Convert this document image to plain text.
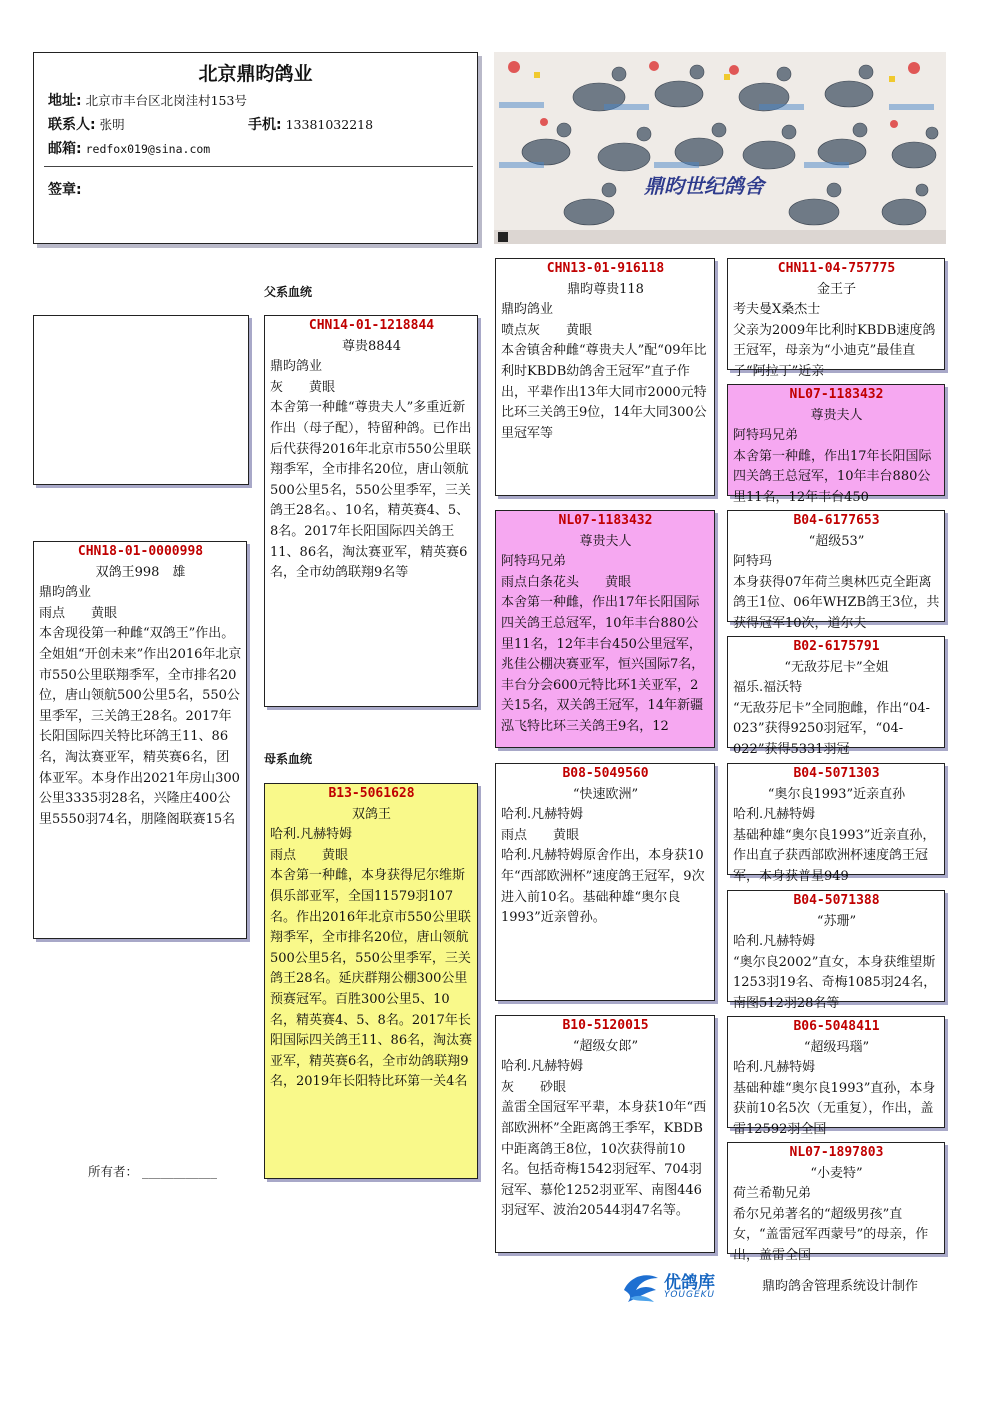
北京鼎昀鸽业
地址: 北京市丰台区北岗洼村153号
联系人: 张明	手机: 13381032218
邮箱: redfox019@sina.com
签章:	鼎昀世纪鸽舍
父系血统
母系血统
CHN18-01-0000998
双鸽王998　雄
鼎昀鸽业
雨点　　黄眼
本舍现役第一种雌“双鸽王”作出。全姐姐“开创未来”作出2016年北京市550公里联翔季军，全市排名20位，唐山领航500公里5名，550公里季军，三关鸽王28名。2017年长阳国际四关特比环鸽王11、86名，淘汰赛亚军，精英赛6名，团体亚军。本身作出2021年房山300公里3335羽28名，兴隆庄400公里5550羽74名，朋隆阁联赛15名
CHN14-01-1218844
尊贵8844
鼎昀鸽业
灰　　黄眼
本舍第一种雌“尊贵夫人”多重近新作出（母子配），特留种鸽。已作出后代获得2016年北京市550公里联翔季军，全市排名20位，唐山领航500公里5名，550公里季军，三关鸽王28名。、10名，精英赛4、5、8名。2017年长阳国际四关鸽王11、86名，淘汰赛亚军，精英赛6名，全市幼鸽联翔9名等
B13-5061628
双鸽王
哈利.凡赫特姆
雨点　　黄眼
本舍第一种雌，本身获得尼尔维斯俱乐部亚军，全国11579羽107名。作出2016年北京市550公里联翔季军，全市排名20位，唐山领航500公里5名，550公里季军，三关鸽王28名。延庆群翔公棚300公里预赛冠军。百胜300公里5、10名，精英赛4、5、8名。2017年长阳国际四关鸽王11、86名，淘汰赛亚军，精英赛6名，全市幼鸽联翔9名，2019年长阳特比环第一关4名
CHN13-01-916118
鼎昀尊贵118
鼎昀鸽业
喷点灰　　黄眼
本舍镇舍种雌“尊贵夫人”配“09年比利时KBDB幼鸽舍王冠军”直子作出，平辈作出13年大同市2000元特比环三关鸽王9位，14年大同300公里冠军等
NL07-1183432
尊贵夫人
阿特玛兄弟
雨点白条花头　　黄眼
本舍第一种雌，作出17年长阳国际四关鸽王总冠军，10年丰台880公里11名，12年丰台450公里冠军，兆佳公棚决赛亚军，恒兴国际7名，丰台分会600元特比环1关亚军，2关15名，双关鸽王冠军，14年新疆泓飞特比环三关鸽王9名，12
B08-5049560
“快速欧洲”
哈利.凡赫特姆
雨点　　黄眼
哈利.凡赫特姆原舍作出，本身获10年“西部欧洲杯”速度鸽王冠军，9次进入前10名。基础种雄“奥尔良1993”近亲曾孙。
B10-5120015
“超级女郎”
哈利.凡赫特姆
灰　　砂眼
盖雷全国冠军平辈，本身获10年“西部欧洲杯”全距离鸽王季军，KBDB中距离鸽王8位，10次获得前10名。包括奇梅1542羽冠军、704羽冠军、慕伦1252羽亚军、南图446羽冠军、波治20544羽47名等。
CHN11-04-757775
金王子
考夫曼X桑杰士
父亲为2009年比利时KBDB速度鸽王冠军，母亲为“小迪克”最佳直子“阿拉丁”近亲
NL07-1183432
尊贵夫人
阿特玛兄弟
本舍第一种雌，作出17年长阳国际四关鸽王总冠军，10年丰台880公里11名，12年丰台450
B04-6177653
“超级53”
阿特玛
本身获得07年荷兰奥林匹克全距离鸽王1位、06年WHZB鸽王3位，共获得冠军10次，道尔夫
B02-6175791
“无敌芬尼卡”全姐
福乐.福沃特
“无敌芬尼卡”全同胞雌，作出“04-023”获得9250羽冠军，“04-022”获得5331羽冠
B04-5071303
“奥尔良1993”近亲直孙
哈利.凡赫特姆
基础种雄“奥尔良1993”近亲直孙，作出直子获西部欧洲杯速度鸽王冠军，本身获普星949
B04-5071388
“苏珊”
哈利.凡赫特姆
“奥尔良2002”直女，本身获维望斯1253羽19名、奇梅1085羽24名，南图512羽28名等
B06-5048411
“超级玛瑙”
哈利.凡赫特姆
基础种雄“奥尔良1993”直孙，本身获前10名5次（无重复），作出，盖雷12592羽全国
NL07-1897803
“小麦特”
荷兰希勒兄弟
希尔兄弟著名的“超级男孩”直女，“盖雷冠军西蒙号”的母亲，作出，盖雷全国
所有者： ____________
优鸽库
YOUGEKU
鼎昀鸽舍管理系统设计制作
